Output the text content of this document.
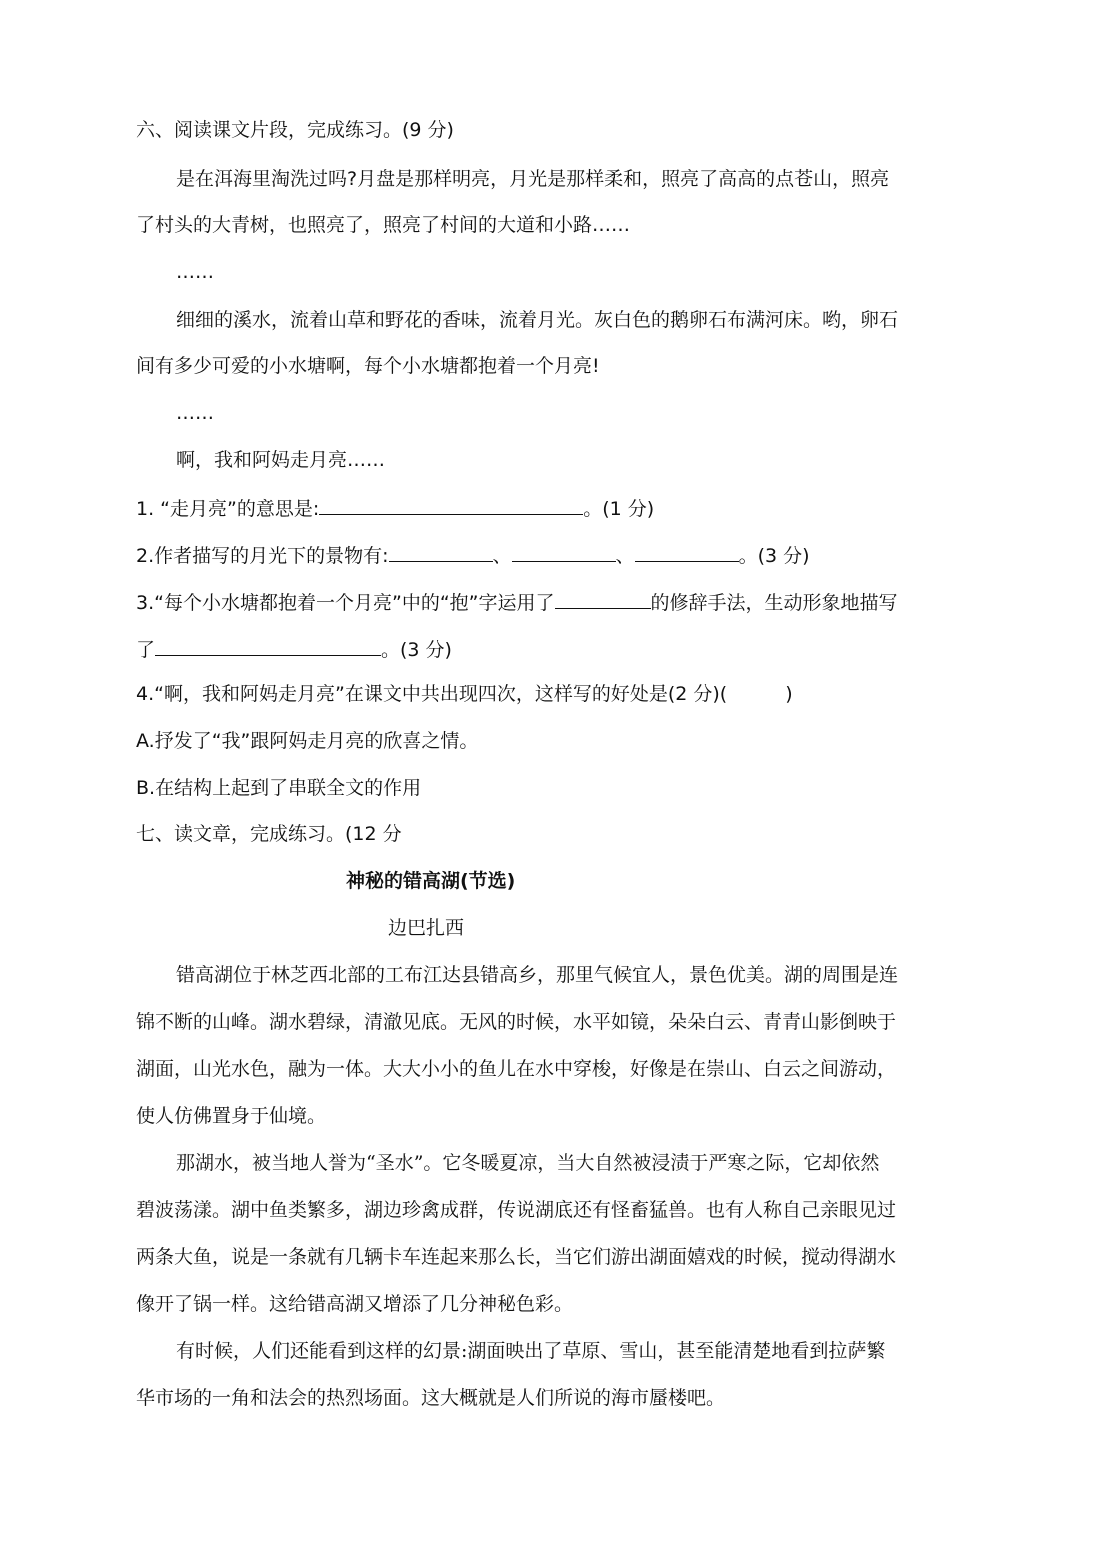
六、阅读课文片段，完成练习。(9 分)
是在洱海里淘洗过吗?月盘是那样明亮，月光是那样柔和，照亮了高高的点苍山，照亮
了村头的大青树，也照亮了，照亮了村间的大道和小路……
……
细细的溪水，流着山草和野花的香味，流着月光。灰白色的鹅卵石布满河床。哟，卵石
间有多少可爱的小水塘啊，每个小水塘都抱着一个月亮!
……
啊，我和阿妈走月亮……
1. “走月亮”的意思是:	。(1 分)
2.作者描写的月光下的景物有:	、	、	。(3 分)
3.“每个小水塘都抱着一个月亮”中的“抱”字运用了	的修辞手法，生动形象地描写
了	。(3 分)
4.“啊，我和阿妈走月亮”在课文中共出现四次，这样写的好处是(2 分)(	)
A.抒发了“我”跟阿妈走月亮的欣喜之情。
B.在结构上起到了串联全文的作用
七、读文章，完成练习。(12 分
神秘的错高湖(节选)
边巴扎西
错高湖位于林芝西北部的工布江达县错高乡，那里气候宜人，景色优美。湖的周围是连
锦不断的山峰。湖水碧绿，清澈见底。无风的时候，水平如镜，朵朵白云、青青山影倒映于
湖面，山光水色，融为一体。大大小小的鱼儿在水中穿梭，好像是在崇山、白云之间游动，
使人仿佛置身于仙境。
那湖水，被当地人誉为“圣水”。它冬暖夏凉，当大自然被浸渍于严寒之际，它却依然
碧波荡漾。湖中鱼类繁多，湖边珍禽成群，传说湖底还有怪畜猛兽。也有人称自己亲眼见过
两条大鱼，说是一条就有几辆卡车连起来那么长，当它们游出湖面嬉戏的时候，搅动得湖水
像开了锅一样。这给错高湖又增添了几分神秘色彩。
有时候，人们还能看到这样的幻景:湖面映出了草原、雪山，甚至能清楚地看到拉萨繁
华市场的一角和法会的热烈场面。这大概就是人们所说的海市蜃楼吧。
